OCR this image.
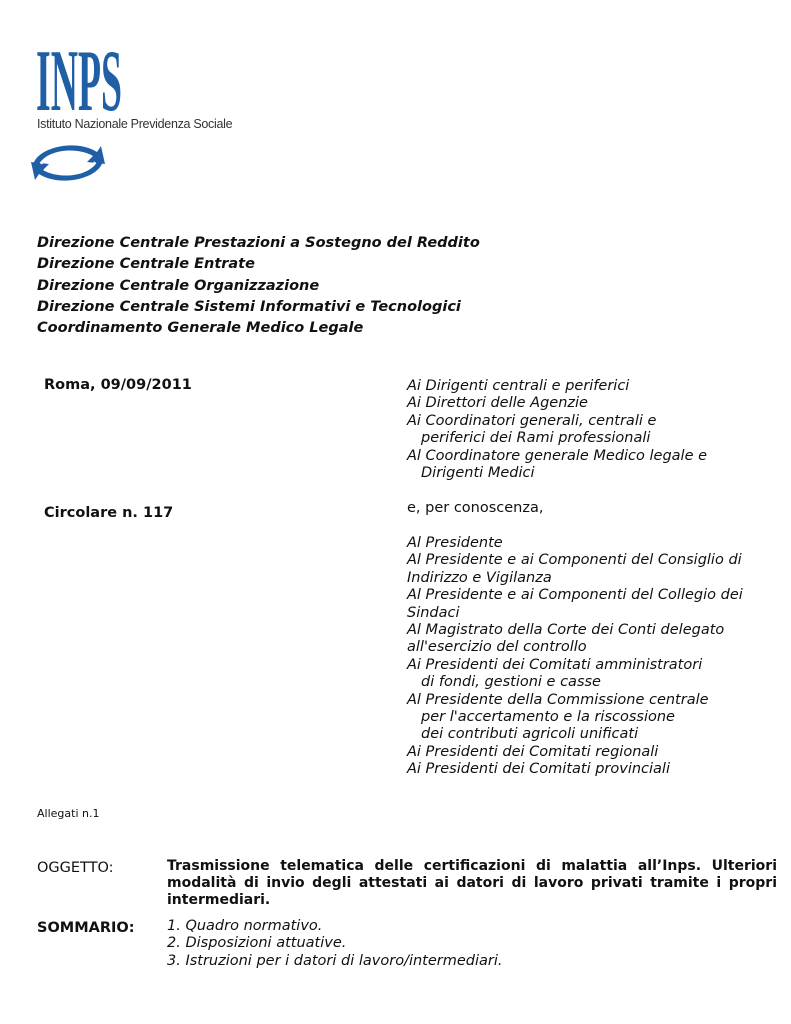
INPS
Istituto Nazionale Previdenza Sociale
Direzione Centrale Prestazioni a Sostegno del Reddito
Direzione Centrale Entrate
Direzione Centrale Organizzazione
Direzione Centrale Sistemi Informativi e Tecnologici
Coordinamento Generale Medico Legale
Roma, 09/09/2011
Circolare n. 117
Ai Dirigenti centrali e periferici
Ai Direttori delle Agenzie
Ai Coordinatori generali, centrali e
periferici dei Rami professionali
Al Coordinatore generale Medico legale e
Dirigenti Medici
e, per conoscenza,
Al Presidente
Al Presidente e ai Componenti del Consiglio di
Indirizzo e Vigilanza
Al Presidente e ai Componenti del Collegio dei
Sindaci
Al Magistrato della Corte dei Conti delegato
all'esercizio del controllo
Ai Presidenti dei Comitati amministratori
di fondi, gestioni e casse
Al Presidente della Commissione centrale
per l'accertamento e la riscossione
dei contributi agricoli unificati
Ai Presidenti dei Comitati regionali
Ai Presidenti dei Comitati provinciali
Allegati n.1
OGGETTO:	Trasmissione telematica delle certificazioni di malattia all’Inps. Ulteriori
modalità di invio degli attestati ai datori di lavoro privati tramite i propri
intermediari.
SOMMARIO: 1. Quadro normativo.
2. Disposizioni attuative.
3. Istruzioni per i datori di lavoro/intermediari.
